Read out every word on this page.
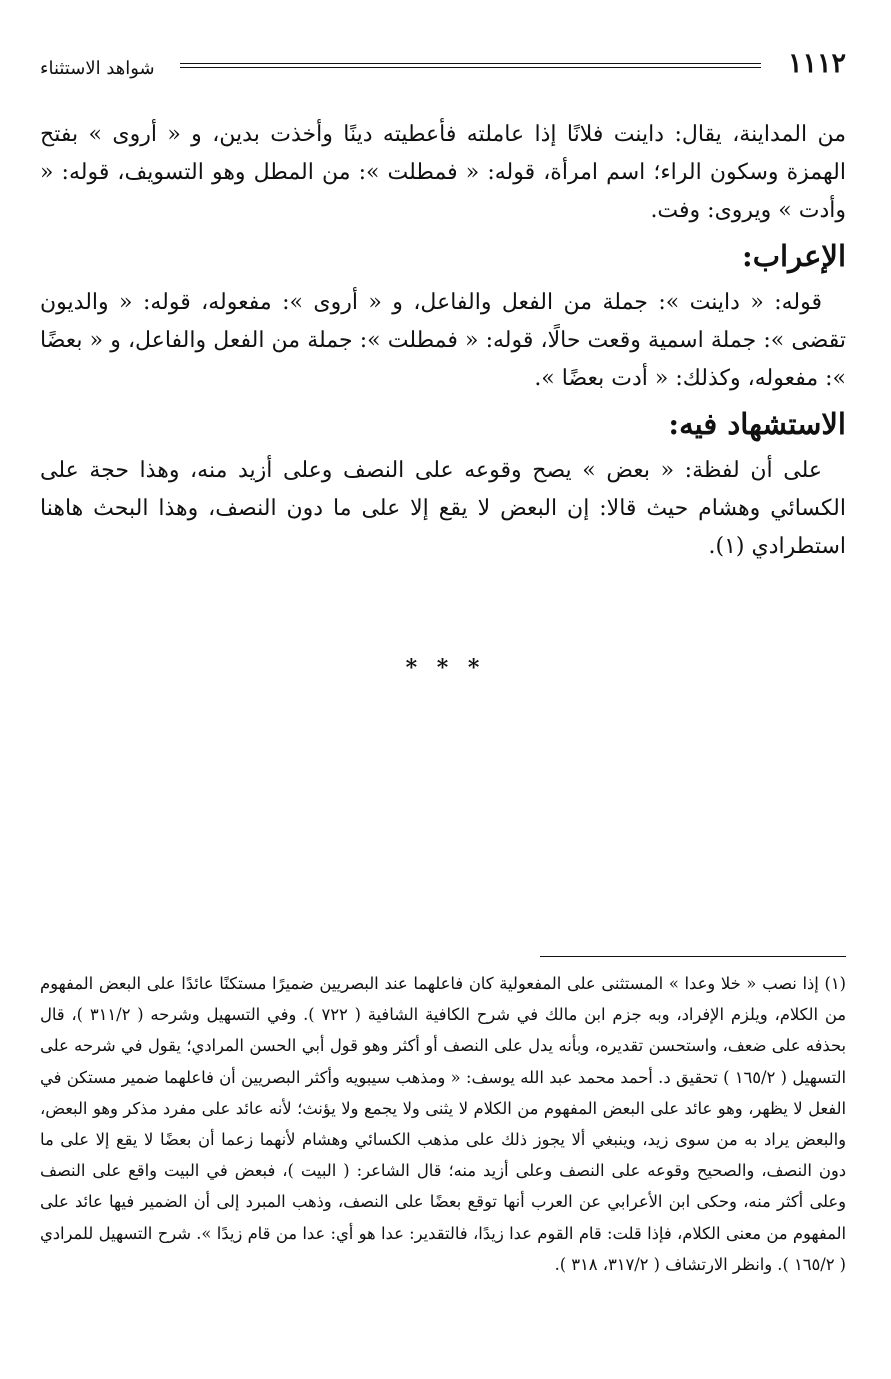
١١١٢
شواهد الاستثناء

من المداينة، يقال: داينت فلانًا إذا عاملته فأعطيته دينًا وأخذت بدين، و « أروى » بفتح الهمزة وسكون الراء؛ اسم امرأة، قوله: « فمطلت »: من المطل وهو التسويف، قوله: « وأدت » ويروى: وفت.

الإعراب:

قوله: « داينت »: جملة من الفعل والفاعل، و « أروى »: مفعوله، قوله: « والديون تقضى »: جملة اسمية وقعت حالًا، قوله: « فمطلت »: جملة من الفعل والفاعل، و « بعضًا »: مفعوله، وكذلك: « أدت بعضًا ».

الاستشهاد فيه:

على أن لفظة: « بعض » يصح وقوعه على النصف وعلى أزيد منه، وهذا حجة على الكسائي وهشام حيث قالا: إن البعض لا يقع إلا على ما دون النصف، وهذا البحث هاهنا استطرادي (١).

* * *
(١) إذا نصب « خلا وعدا » المستثنى على المفعولية كان فاعلهما عند البصريين ضميرًا مستكنًا عائدًا على البعض المفهوم من الكلام، ويلزم الإفراد، وبه جزم ابن مالك في شرح الكافية الشافية ( ٧٢٢ ). وفي التسهيل وشرحه ( ٣١١/٢ )، قال بحذفه على ضعف، واستحسن تقديره، وبأنه يدل على النصف أو أكثر وهو قول أبي الحسن المرادي؛ يقول في شرحه على التسهيل ( ١٦٥/٢ ) تحقيق د. أحمد محمد عبد الله يوسف: « ومذهب سيبويه وأكثر البصريين أن فاعلهما ضمير مستكن في الفعل لا يظهر، وهو عائد على البعض المفهوم من الكلام لا يثنى ولا يجمع ولا يؤنث؛ لأنه عائد على مفرد مذكر وهو البعض، والبعض يراد به من سوى زيد، وينبغي ألا يجوز ذلك على مذهب الكسائي وهشام لأنهما زعما أن بعضًا لا يقع إلا على ما دون النصف، والصحيح وقوعه على النصف وعلى أزيد منه؛ قال الشاعر: ( البيت )، فبعض في البيت واقع على النصف وعلى أكثر منه، وحكى ابن الأعرابي عن العرب أنها توقع بعضًا على النصف، وذهب المبرد إلى أن الضمير فيها عائد على المفهوم من معنى الكلام، فإذا قلت: قام القوم عدا زيدًا، فالتقدير: عدا هو أي: عدا من قام زيدًا ». شرح التسهيل للمرادي ( ١٦٥/٢ ). وانظر الارتشاف ( ٣١٧/٢، ٣١٨ ).
